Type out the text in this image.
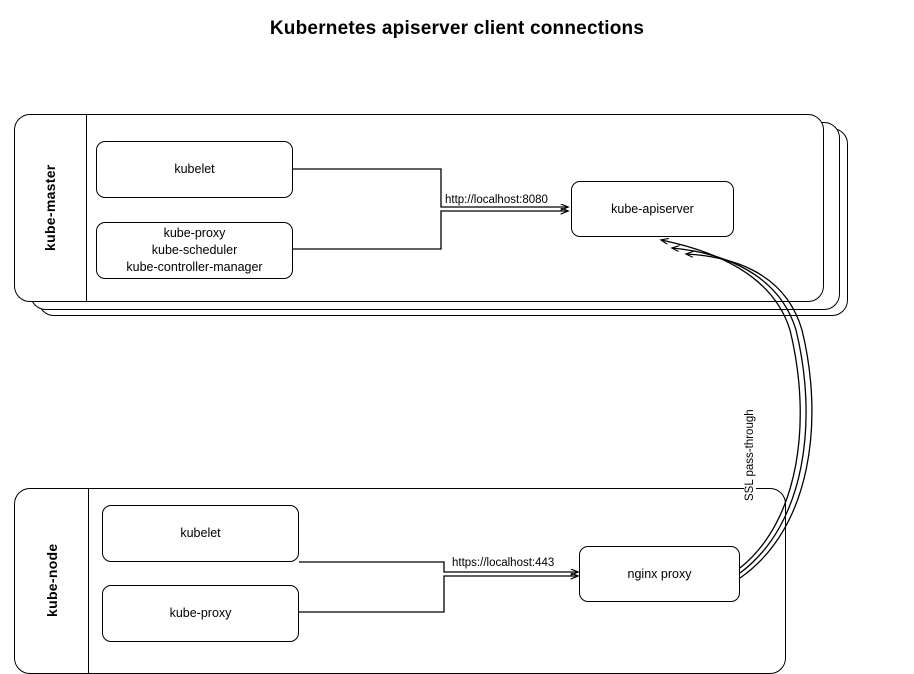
Kubernetes apiserver client connections
kube-master
kube-node
kubelet
kube-proxy
kube-scheduler
kube-controller-manager
kube-apiserver
kubelet
kube-proxy
nginx proxy
http://localhost:8080
https://localhost:443
SSL pass-through
